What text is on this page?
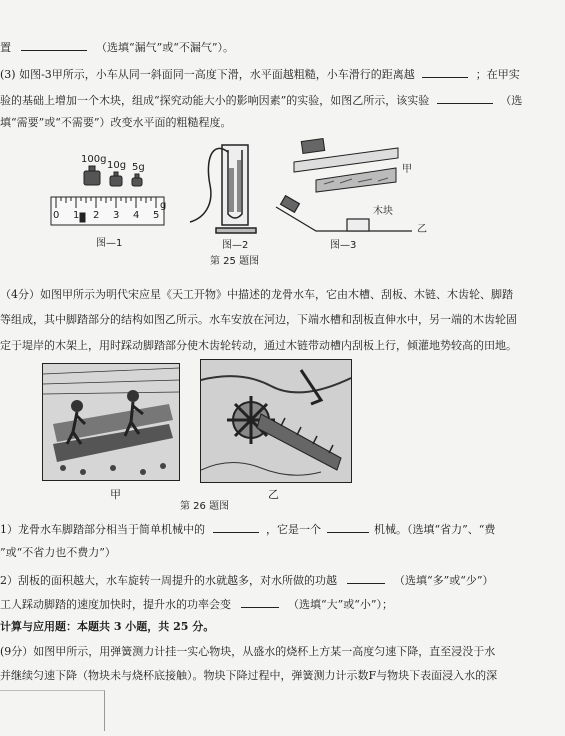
置	（选填“漏气”或“不漏气”）。
(3) 如图-3甲所示，小车从同一斜面同一高度下滑，水平面越粗糙，小车滑行的距离越	；在甲实
验的基础上增加一个木块，组成“探究动能大小的影响因素”的实验，如图乙所示，该实验	（选
填“需要”或“不需要”）改变水平面的粗糙程度。
100g
10g 5g
0 1 2 3 4 5
g
图—1	图—2	图—3
甲
乙
木块
第 25 题图
（4分）如图甲所示为明代宋应星《天工开物》中描述的龙骨水车，它由木槽、刮板、木链、木齿轮、脚踏
等组成，其中脚踏部分的结构如图乙所示。水车安放在河边，下端水槽和刮板直伸水中，另一端的木齿轮固
定于堤岸的木架上，用时踩动脚踏部分使木齿轮转动，通过木链带动槽内刮板上行，倾灌地势较高的田地。
甲	乙
第 26 题图
1）龙骨水车脚踏部分相当于简单机械中的	，它是一个	机械。（选填“省力”、“费
”或“不省力也不费力”）
2）刮板的面积越大，水车旋转一周提升的水就越多，对水所做的功越	（选填“多”或“少”）
工人踩动脚踏的速度加快时，提升水的功率会变	（选填“大”或“小”）；
计算与应用题：本题共 3 小题，共 25 分。
(9分）如图甲所示，用弹簧测力计挂一实心物块，从盛水的烧杯上方某一高度匀速下降，直至浸没于水
并继续匀速下降（物块未与烧杯底接触）。物块下降过程中，弹簧测力计示数F与物块下表面浸入水的深
